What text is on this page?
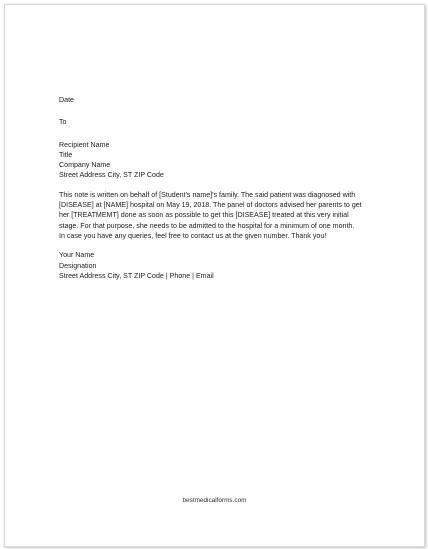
Date
To
Recipient Name
Title
Company Name
Street Address City, ST ZIP Code
This note is written on behalf of [Student's name]'s family. The said patient was diagnosed with
[DISEASE] at [NAME] hospital on May 19, 2018. The panel of doctors advised her parents to get
her [TREATMEMT] done as soon as possible to get this [DISEASE] treated at this very initial
stage. For that purpose, she needs to be admitted to the hospital for a minimum of one month.
In case you have any queries, feel free to contact us at the given number. Thank you!
Your Name
Designation
Street Address City, ST ZIP Code | Phone | Email
bestmedicalforms.com
